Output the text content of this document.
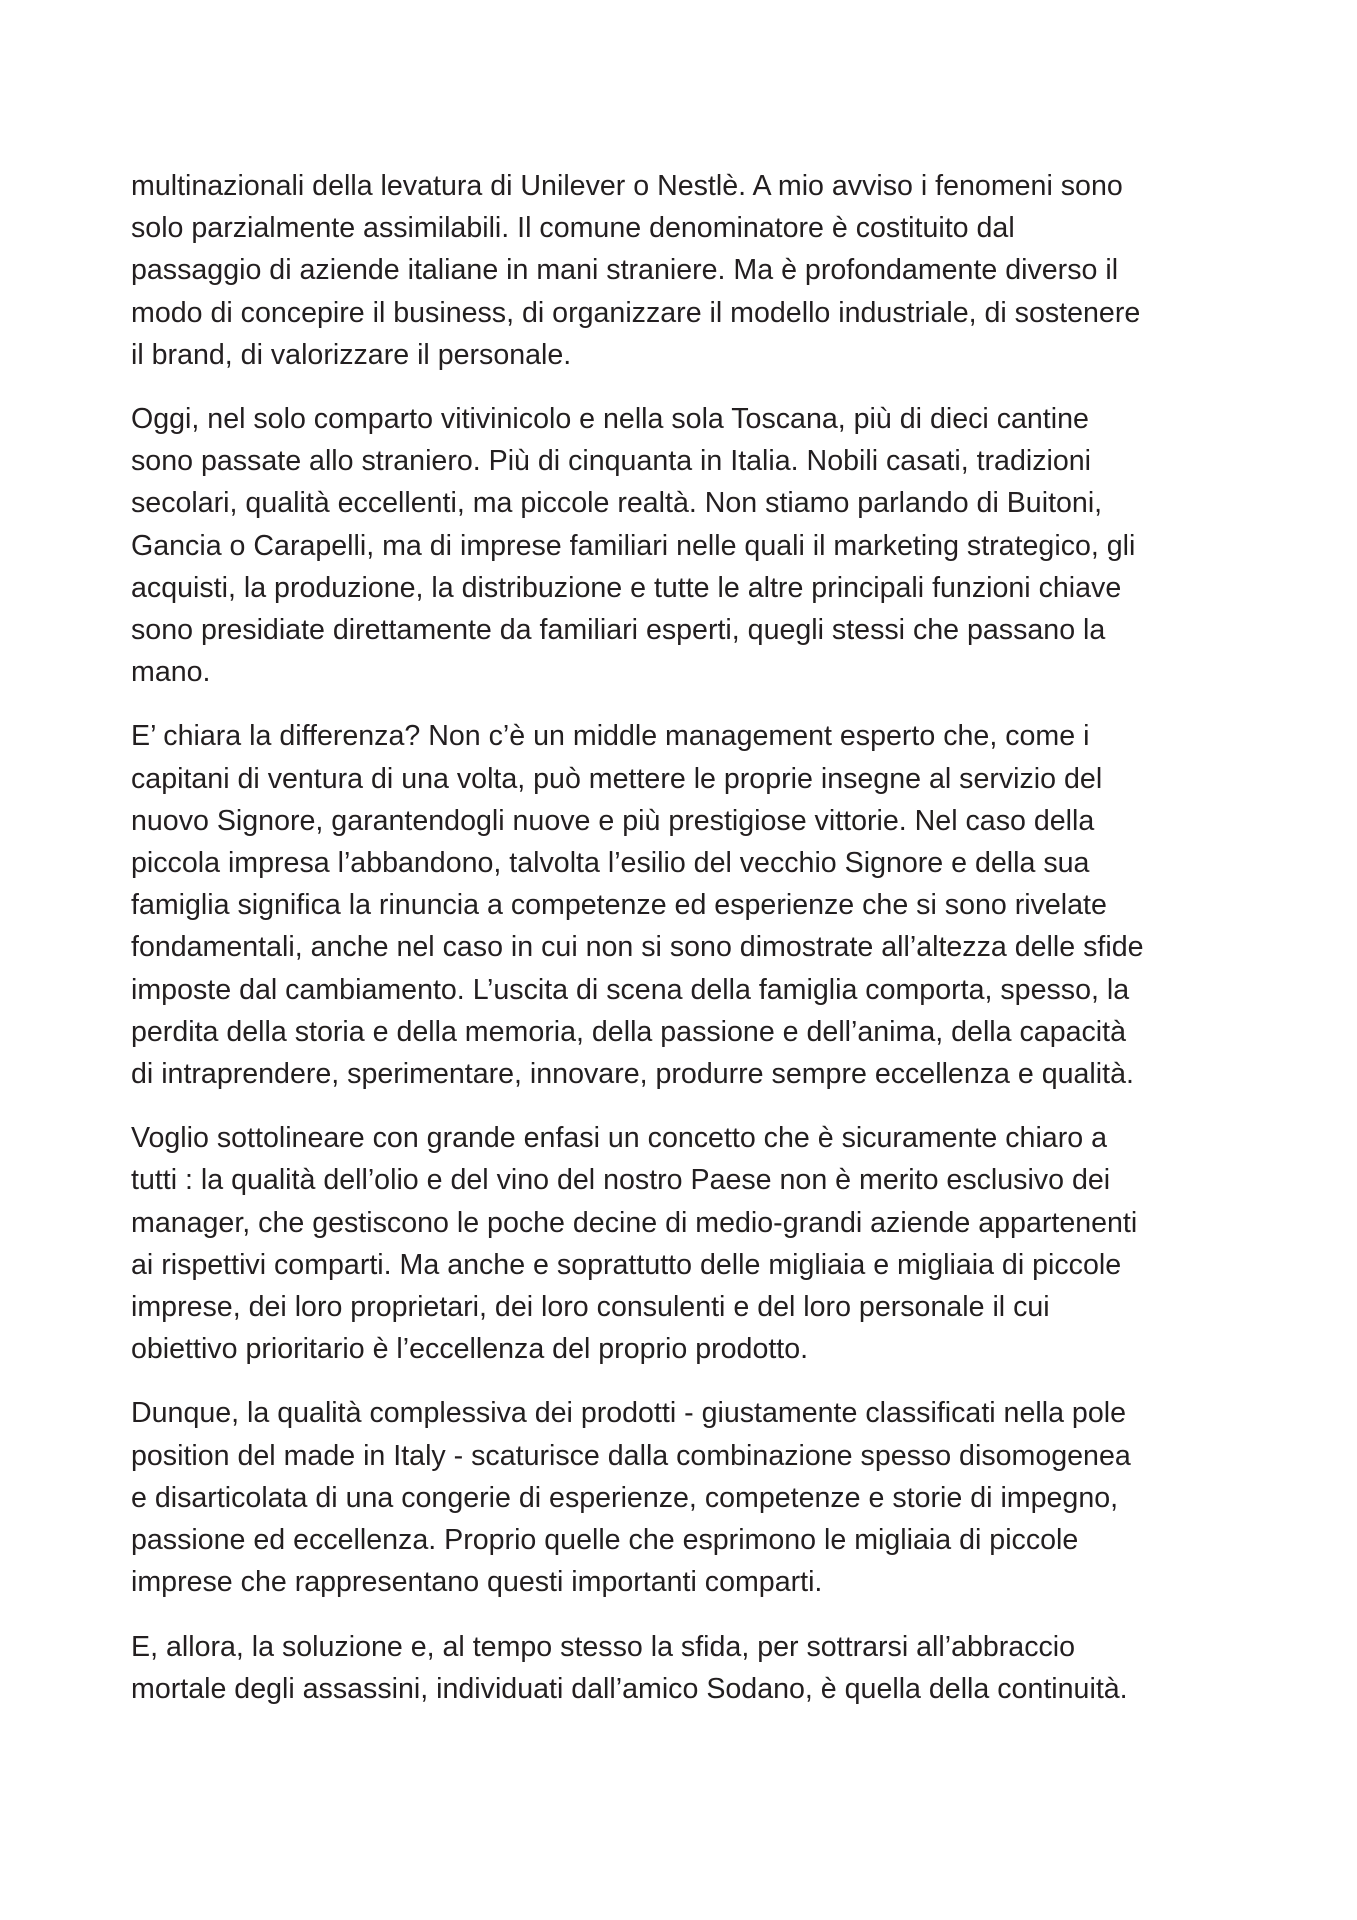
multinazionali della levatura di Unilever o Nestlè. A mio avviso i fenomeni sono
solo parzialmente assimilabili. Il comune denominatore è costituito dal
passaggio di aziende italiane in mani straniere. Ma è profondamente diverso il
modo di concepire il business, di organizzare il modello industriale, di sostenere
il brand, di valorizzare il personale.

Oggi, nel solo comparto vitivinicolo e nella sola Toscana, più di dieci cantine
sono passate allo straniero. Più di cinquanta in Italia. Nobili casati, tradizioni
secolari, qualità eccellenti, ma piccole realtà. Non stiamo parlando di Buitoni,
Gancia o Carapelli, ma di imprese familiari nelle quali il marketing strategico, gli
acquisti, la produzione, la distribuzione e tutte le altre principali funzioni chiave
sono presidiate direttamente da familiari esperti, quegli stessi che passano la
mano.

E’ chiara la differenza? Non c’è un middle management esperto che, come i
capitani di ventura di una volta, può mettere le proprie insegne al servizio del
nuovo Signore, garantendogli nuove e più prestigiose vittorie. Nel caso della
piccola impresa l’abbandono, talvolta l’esilio del vecchio Signore e della sua
famiglia significa la rinuncia a competenze ed esperienze che si sono rivelate
fondamentali, anche nel caso in cui non si sono dimostrate all’altezza delle sfide
imposte dal cambiamento. L’uscita di scena della famiglia comporta, spesso, la
perdita della storia e della memoria, della passione e dell’anima, della capacità
di intraprendere, sperimentare, innovare, produrre sempre eccellenza e qualità.

Voglio sottolineare con grande enfasi un concetto che è sicuramente chiaro a
tutti : la qualità dell’olio e del vino del nostro Paese non è merito esclusivo dei
manager, che gestiscono le poche decine di medio-grandi aziende appartenenti
ai rispettivi comparti. Ma anche e soprattutto delle migliaia e migliaia di piccole
imprese, dei loro proprietari, dei loro consulenti e del loro personale il cui
obiettivo prioritario è l’eccellenza del proprio prodotto.

Dunque, la qualità complessiva dei prodotti - giustamente classificati nella pole
position del made in Italy - scaturisce dalla combinazione spesso disomogenea
e disarticolata di una congerie di esperienze, competenze e storie di impegno,
passione ed eccellenza. Proprio quelle che esprimono le migliaia di piccole
imprese che rappresentano questi importanti comparti.

E, allora, la soluzione e, al tempo stesso la sfida, per sottrarsi all’abbraccio
mortale degli assassini, individuati dall’amico Sodano, è quella della continuità.
